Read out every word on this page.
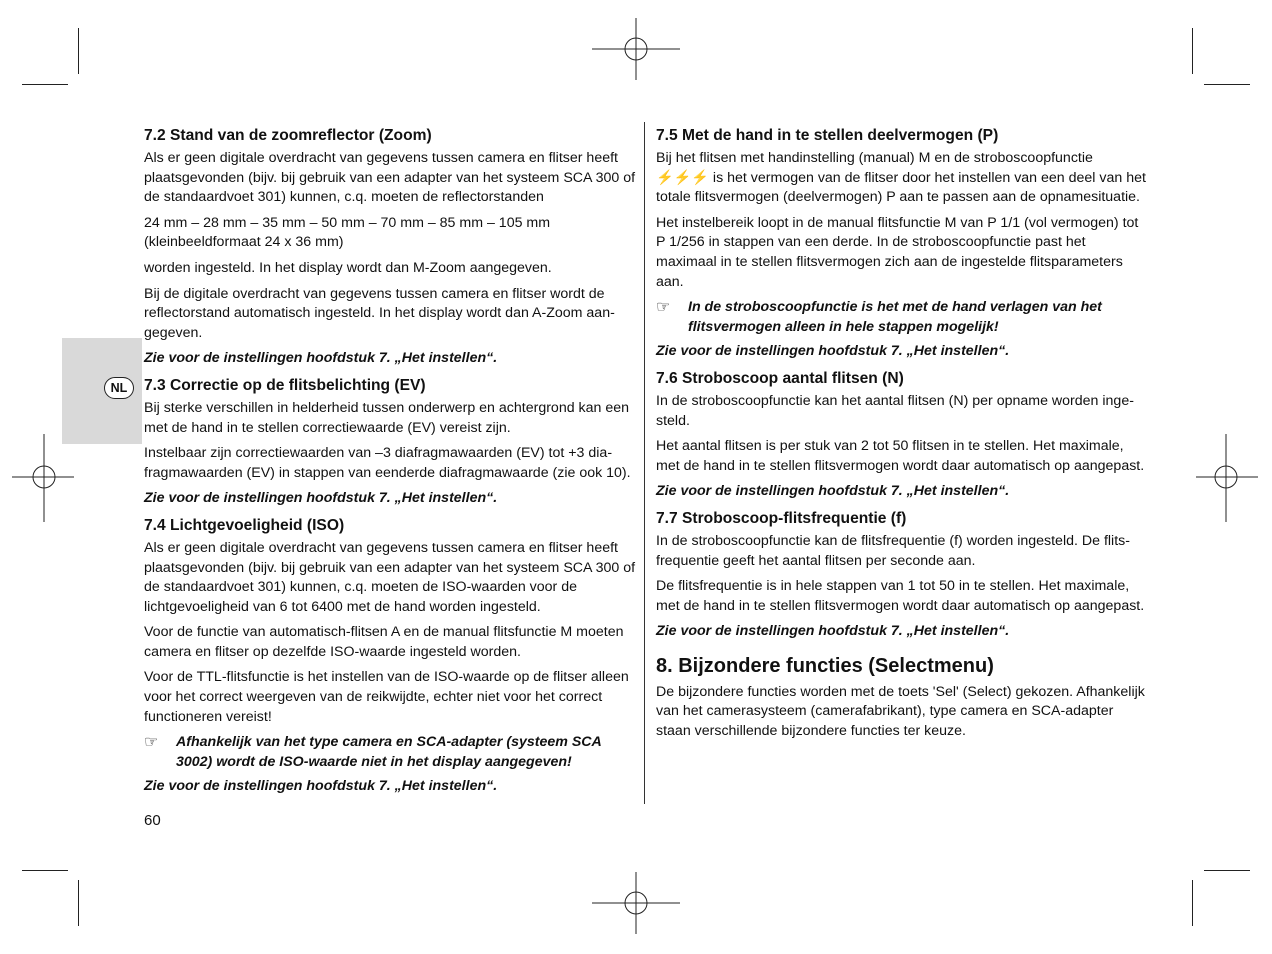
NL
7.2 Stand van de zoomreflector (Zoom)
Als er geen digitale overdracht van gegevens tussen camera en flitser heeft plaatsgevonden (bijv. bij gebruik van een adapter van het systeem SCA 300 of de standaardvoet 301) kunnen, c.q. moeten de reflectorstanden
24 mm – 28 mm – 35 mm – 50 mm – 70 mm – 85 mm – 105 mm (kleinbeeldformaat 24 x 36 mm)
worden ingesteld. In het display wordt dan M-Zoom aangegeven.
Bij de digitale overdracht van gegevens tussen camera en flitser wordt de reflectorstand automatisch ingesteld. In het display wordt dan A-Zoom aangegeven.
Zie voor de instellingen hoofdstuk 7. „Het instellen“.
7.3 Correctie op de flitsbelichting (EV)
Bij sterke verschillen in helderheid tussen onderwerp en achtergrond kan een met de hand in te stellen correctiewaarde (EV) vereist zijn.
Instelbaar zijn correctiewaarden van –3 diafragmawaarden (EV) tot +3 diafragmawaarden (EV) in stappen van eenderde diafragmawaarde (zie ook 10).
Zie voor de instellingen hoofdstuk 7. „Het instellen“.
7.4 Lichtgevoeligheid (ISO)
Als er geen digitale overdracht van gegevens tussen camera en flitser heeft plaatsgevonden (bijv. bij gebruik van een adapter van het systeem SCA 300 of de standaardvoet 301) kunnen, c.q. moeten de ISO-waarden voor de lichtgevoeligheid van 6 tot 6400 met de hand worden ingesteld.
Voor de functie van automatisch-flitsen A en de manual flitsfunctie M moeten camera en flitser op dezelfde ISO-waarde ingesteld worden.
Voor de TTL-flitsfunctie is het instellen van de ISO-waarde op de flitser alleen voor het correct weergeven van de reikwijdte, echter niet voor het correct functioneren vereist!
☞ Afhankelijk van het type camera en SCA-adapter (systeem SCA 3002) wordt de ISO-waarde niet in het display aangegeven!
Zie voor de instellingen hoofdstuk 7. „Het instellen“.
7.5 Met de hand in te stellen deelvermogen (P)
Bij het flitsen met handinstelling (manual) M en de stroboscoopfunctie ⚡⚡⚡ is het vermogen van de flitser door het instellen van een deel van het totale flitsvermogen (deelvermogen) P aan te passen aan de opnamesituatie.
Het instelbereik loopt in de manual flitsfunctie M van P 1/1 (vol vermogen) tot P 1/256 in stappen van een derde. In de stroboscoopfunctie past het maximaal in te stellen flitsvermogen zich aan de ingestelde flitsparameters aan.
☞ In de stroboscoopfunctie is het met de hand verlagen van het flitsvermogen alleen in hele stappen mogelijk!
Zie voor de instellingen hoofdstuk 7. „Het instellen“.
7.6 Stroboscoop aantal flitsen (N)
In de stroboscoopfunctie kan het aantal flitsen (N) per opname worden ingesteld.
Het aantal flitsen is per stuk van 2 tot 50 flitsen in te stellen. Het maximale, met de hand in te stellen flitsvermogen wordt daar automatisch op aangepast.
Zie voor de instellingen hoofdstuk 7. „Het instellen“.
7.7 Stroboscoop-flitsfrequentie (f)
In de stroboscoopfunctie kan de flitsfrequentie (f) worden ingesteld. De flitsfrequentie geeft het aantal flitsen per seconde aan.
De flitsfrequentie is in hele stappen van 1 tot 50 in te stellen. Het maximale, met de hand in te stellen flitsvermogen wordt daar automatisch op aangepast.
Zie voor de instellingen hoofdstuk 7. „Het instellen“.
8. Bijzondere functies (Selectmenu)
De bijzondere functies worden met de toets 'Sel' (Select) gekozen. Afhankelijk van het camerasysteem (camerafabrikant), type camera en SCA-adapter staan verschillende bijzondere functies ter keuze.
60
